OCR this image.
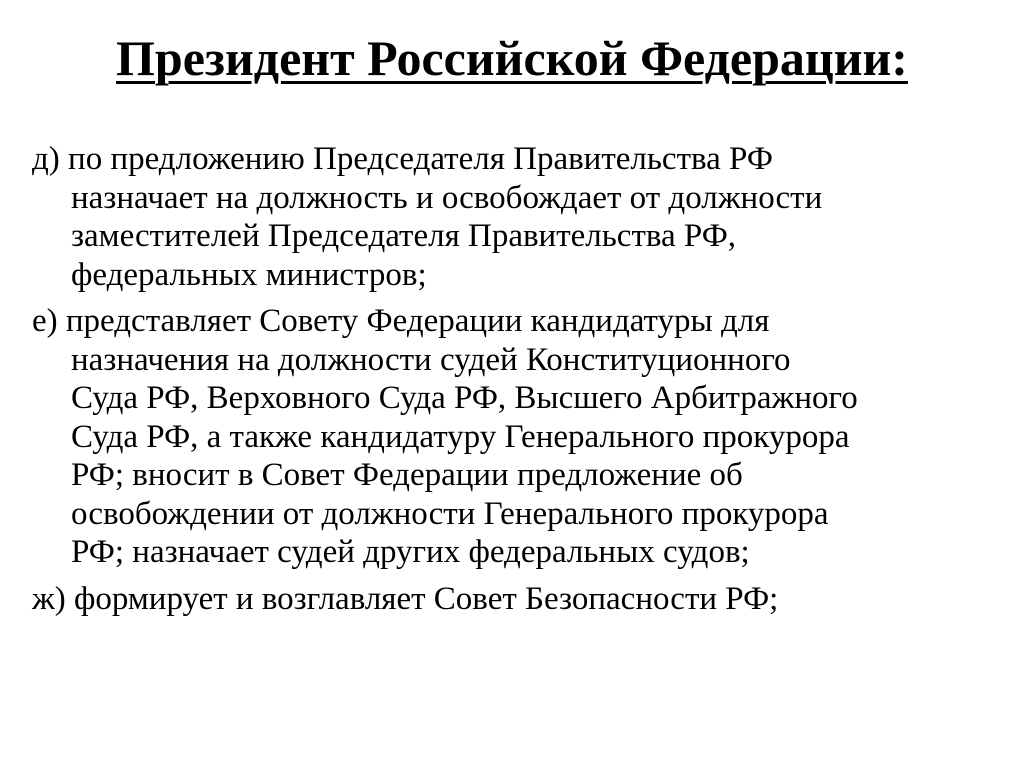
Президент Российской Федерации:
д) по предложению Председателя Правительства РФ
назначает на должность и освобождает от должности
заместителей Председателя Правительства РФ,
федеральных министров;
е) представляет Совету Федерации кандидатуры для
назначения на должности судей Конституционного
Суда РФ, Верховного Суда РФ, Высшего Арбитражного
Суда РФ, а также кандидатуру Генерального прокурора
РФ; вносит в Совет Федерации предложение об
освобождении от должности Генерального прокурора
РФ; назначает судей других федеральных судов;
ж) формирует и возглавляет Совет Безопасности РФ;
